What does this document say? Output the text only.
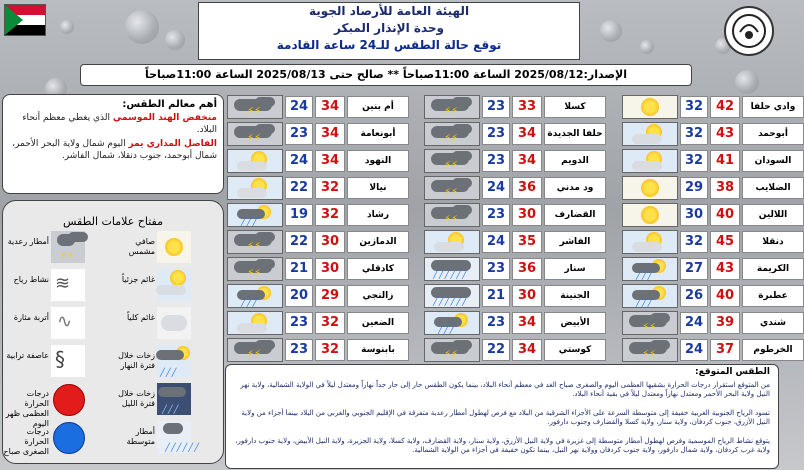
الهيئة العامة للأرصاد الجوية
وحدة الإنذار المبكر
توقع حالة الطقس للـ24 ساعة القادمة
الإصدار:2025/08/12 الساعة 11:00صباحاً ** صالح حتى 2025/08/13 الساعة 11:00صباحاً
32 42	وادي حلفا
32 43	أبوحمد
32 41	السودان
29 38	الضلايب
30 40	اللالين
32 45	دنقلا
╱╱╱	27 43	الكريمة
╱╱╱	26 40	عطبرة
⚡⚡	24 39	شندي
⚡⚡	24 37	الخرطوم
⚡⚡	23 33	كسلا
⚡⚡	23 34	حلفا الجديدة
⚡⚡	23 34	الدويم
⚡⚡	24 36	ود مدني
⚡⚡	23 30	القضارف
24 35	الفاشر
╱╱╱╱╱╱	23 36	سنار
╱╱╱╱╱╱	21 30	الجنينة
╱╱╱	23 34	الأبيض
⚡⚡	22 34	كوستي
⚡⚡	24 34	أم بنين
⚡⚡	23 34	أبونعامة
24 34	النهود
22 32	نيالا
╱╱╱	19 32	رشاد
⚡⚡	22 30	الدمازين
⚡⚡	21 30	كادقلي
╱╱╱	20 29	زالنجي
23 32	الضعين
⚡⚡	23 32	بابنوسة
أهم معالم الطقس:

منخفض الهند الموسمي الذي يغطي معظم أنحاء البلاد.

الفاصل المداري يمر اليوم شمال ولاية البحر الأحمر، شمال أبوحمد، جنوب دنقلا، شمال الفاشر.

مفتاح علامات الطقس
صافي مشمس
⚡⚡
أمطار رعدية
غائم جزئياً
≋
نشاط رياح
غائم كلياً
∿
أتربة مثارة
╱╱╱
زخات خلال فترة النهار
§
عاصفة ترابية
╱╱╱
زخات خلال فترة الليل
درجات الحرارة العظمى ظهر اليوم
╱╱╱╱╱╱
أمطار متوسطة
درجات الحرارة الصغرى صباح
الطقس المتوقع:

من المتوقع استقرار درجات الحرارة بشقيها العظمى اليوم والصغرى صباح الغد في معظم أنحاء البلاد، بينما يكون الطقس حار إلى حار جداً نهاراً ومعتدل ليلاً في الولاية الشمالية، ولاية نهر النيل ولاية البحر الأحمر ومعتدل نهاراً ومعتدل ليلاً في بقية أنحاء البلاد.

تسود الرياح الجنوبية الغربية خفيفة إلى متوسطة السرعة على الأجزاء الشرقية من البلاد مع فرص لهطول أمطار رعدية متفرقة في الإقليم الجنوبي والغربي من البلاد بينما أجزاء من ولاية النيل الأزرق، جنوب كردفان، ولاية سنار، ولاية كسلا والقضارف وجنوب دارفور.

يتوقع نشاط الرياح الموسمية وفرص لهطول أمطار متوسطة إلى غزيرة في ولاية النيل الأزرق، ولاية سنار، ولاية القضارف، ولاية كسلا، ولاية الجزيرة، ولاية النيل الأبيض، ولاية جنوب دارفور، ولاية غرب كردفان، ولاية شمال دارفور، ولاية جنوب كردفان وولاية نهر النيل، بينما تكون خفيفة في أجزاء من الولاية الشمالية.
